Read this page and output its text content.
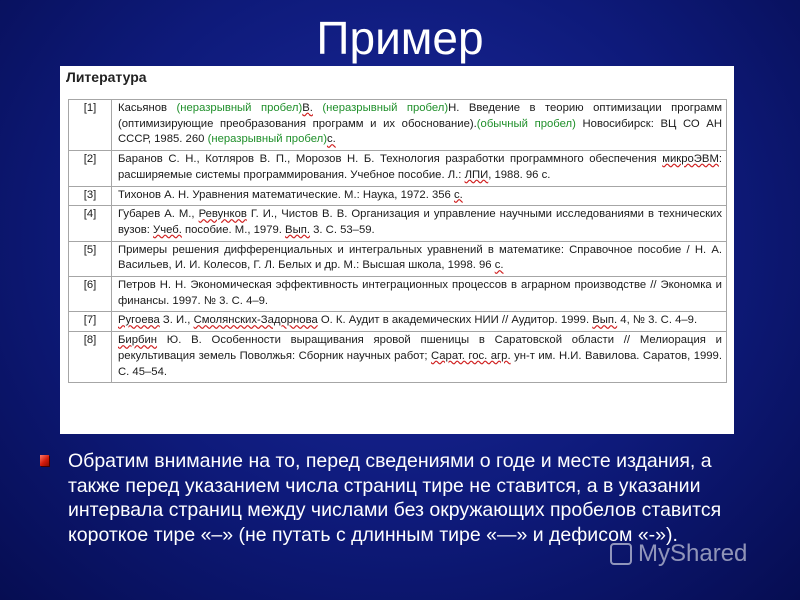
Пример
Литература
[1]	Касьянов (неразрывный пробел)В. (неразрывный пробел)Н. Введение в теорию оптимизации программ (оптимизирующие преобразования программ и их обоснование).(обычный пробел) Новосибирск: ВЦ СО АН СССР, 1985. 260 (неразрывный пробел)с.
[2]	Баранов С. Н., Котляров В. П., Морозов Н. Б. Технология разработки программного обеспечения микроЭВМ: расширяемые системы программирования. Учебное пособие. Л.: ЛПИ, 1988. 96 с.
[3]	Тихонов А. Н. Уравнения математические. М.: Наука, 1972. 356 с.
[4]	Губарев А. М., Ревунков Г. И., Чистов В. В. Организация и управление научными исследованиями в технических вузов: Учеб. пособие. М., 1979. Вып. 3. С. 53–59.
[5]	Примеры решения дифференциальных и интегральных уравнений в математике: Справочное пособие / Н. А. Васильев, И. И. Колесов, Г. Л. Белых и др. М.: Высшая школа, 1998. 96 с.
[6]	Петров Н. Н. Экономическая эффективность интеграционных процессов в аграрном производстве // Экономка и финансы. 1997. № 3. С. 4–9.
[7]	Ругоева З. И., Смолянских-Задорнова О. К. Аудит в академических НИИ // Аудитор. 1999. Вып. 4, № 3. С. 4–9.
[8]	Бирбин Ю. В. Особенности выращивания яровой пшеницы в Саратовской области // Мелиорация и рекультивация земель Поволжья: Сборник научных работ; Сарат. гос. агр. ун-т им. Н.И. Вавилова. Саратов, 1999. С. 45–54.
Обратим внимание на то, перед сведениями о годе и месте издания, а также перед указанием числа страниц тире не ставится, а в указании интервала страниц между числами без окружающих пробелов ставится короткое тире «–» (не путать с длинным тире «—» и дефисом «-»).
MyShared
